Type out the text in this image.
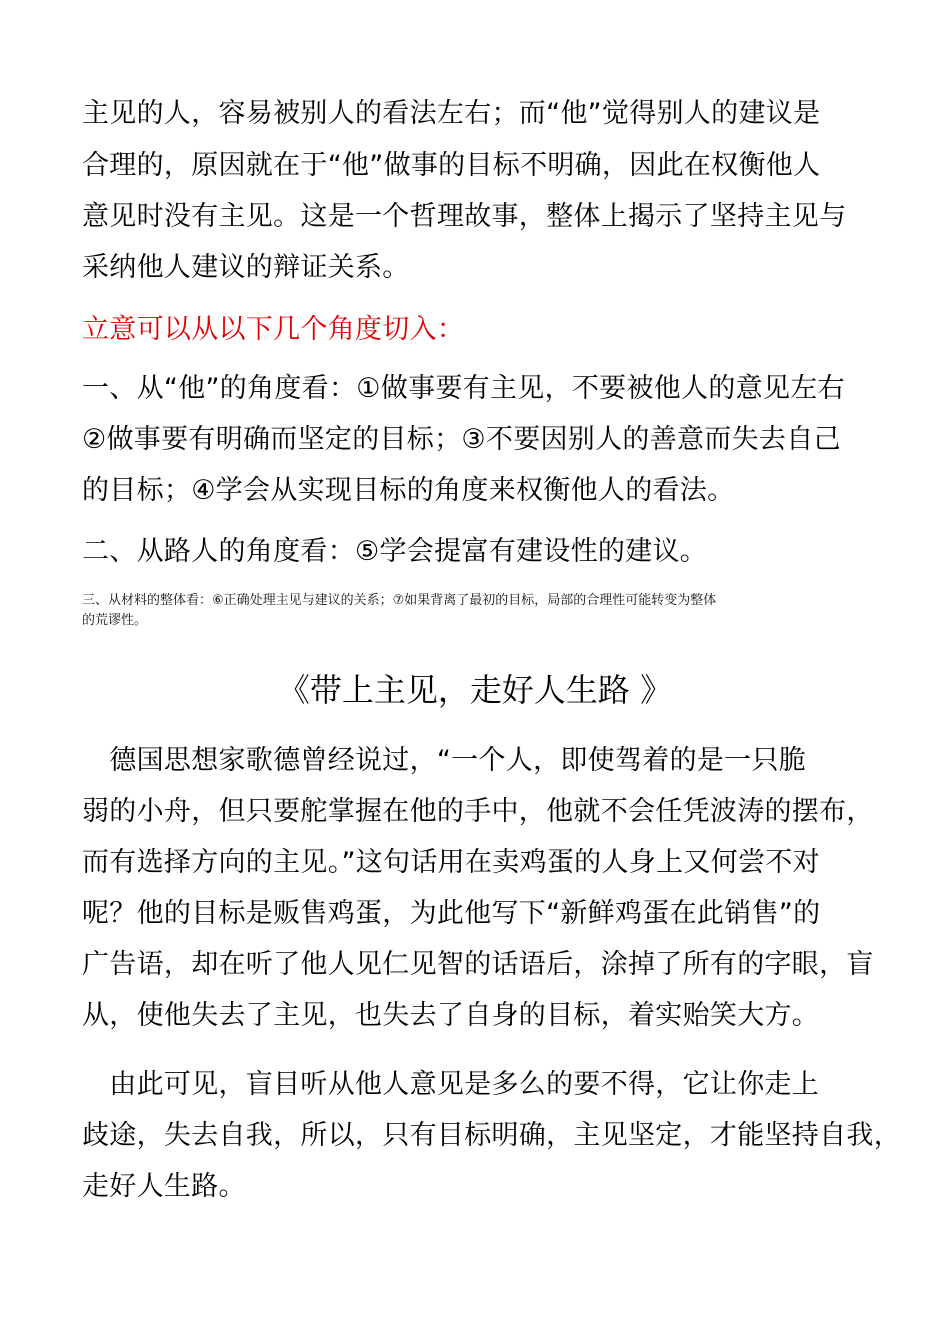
主见的人，容易被别人的看法左右；而“他”觉得别人的建议是
合理的，原因就在于“他”做事的目标不明确，因此在权衡他人
意见时没有主见。这是一个哲理故事，整体上揭示了坚持主见与
采纳他人建议的辩证关系。
立意可以从以下几个角度切入：
一、从“他”的角度看：①做事要有主见，不要被他人的意见左右
②做事要有明确而坚定的目标；③不要因别人的善意而失去自己
的目标；④学会从实现目标的角度来权衡他人的看法。
二、从路人的角度看：⑤学会提富有建设性的建议。
三、从材料的整体看：⑥正确处理主见与建议的关系；⑦如果背离了最初的目标，局部的合理性可能转变为整体
的荒谬性。
《带上主见，走好人生路 》
　德国思想家歌德曾经说过，“一个人，即使驾着的是一只脆
弱的小舟，但只要舵掌握在他的手中，他就不会任凭波涛的摆布，
而有选择方向的主见。”这句话用在卖鸡蛋的人身上又何尝不对
呢？他的目标是贩售鸡蛋，为此他写下“新鲜鸡蛋在此销售”的
广告语，却在听了他人见仁见智的话语后，涂掉了所有的字眼，盲
从，使他失去了主见，也失去了自身的目标，着实贻笑大方。
　由此可见，盲目听从他人意见是多么的要不得，它让你走上
歧途，失去自我，所以，只有目标明确，主见坚定，才能坚持自我，
走好人生路。
